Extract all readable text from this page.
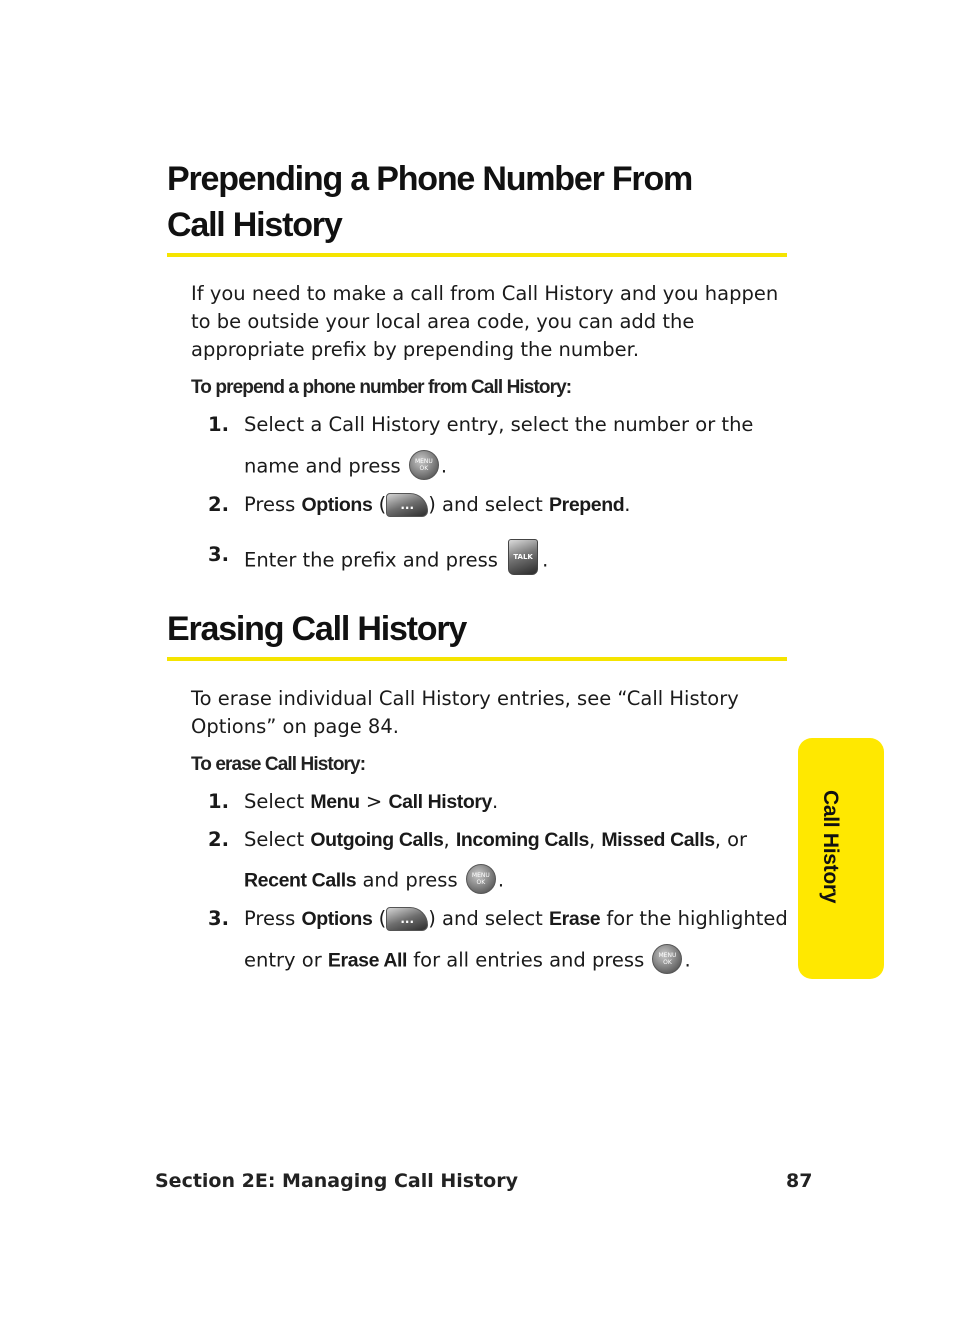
Prepending a Phone Number From
Call History
If you need to make a call from Call History and you happen
to be outside your local area code, you can add the
appropriate prefix by prepending the number.
To prepend a phone number from Call History:
1. Select a Call History entry, select the number or the
name and press	MENU
OK .
2. Press Options ( ... ) and select Prepend.
3. Enter the prefix and press TALK .
Erasing Call History
To erase individual Call History entries, see “Call History
Options” on page 84.
To erase Call History:
1. Select Menu > Call History.
2. Select Outgoing Calls, Incoming Calls, Missed Calls, or
Recent Calls and press	MENU
OK .
3. Press Options ( ... ) and select Erase for the highlighted
entry or Erase All for all entries and press	MENU
OK .
Call History
Section 2E: Managing Call History	87
